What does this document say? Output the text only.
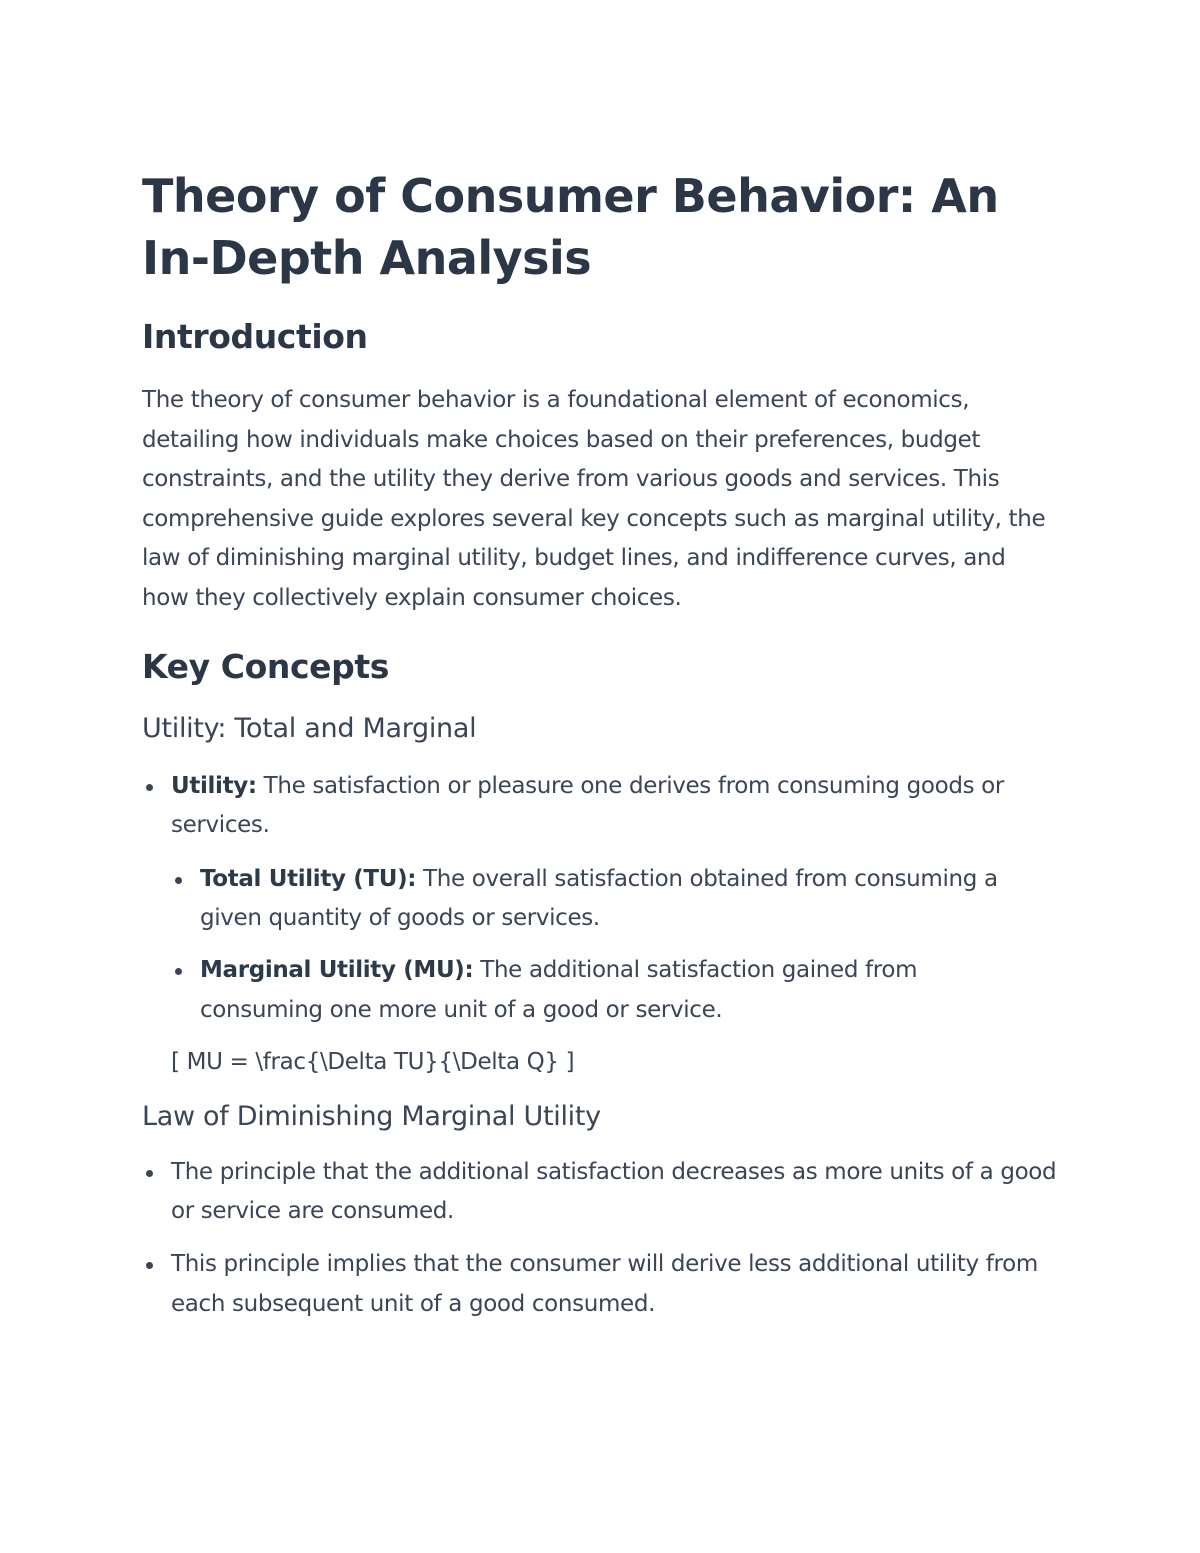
Theory of Consumer Behavior: An In-Depth Analysis
Introduction

The theory of consumer behavior is a foundational element of economics, detailing how individuals make choices based on their preferences, budget constraints, and the utility they derive from various goods and services. This comprehensive guide explores several key concepts such as marginal utility, the law of diminishing marginal utility, budget lines, and indifference curves, and how they collectively explain consumer choices.

Key Concepts
Utility: Total and Marginal
Utility: The satisfaction or pleasure one derives from consuming goods or services.
Total Utility (TU): The overall satisfaction obtained from consuming a given quantity of goods or services.
Marginal Utility (MU): The additional satisfaction gained from consuming one more unit of a good or service.
[ MU = \frac{\Delta TU}{\Delta Q} ]
Law of Diminishing Marginal Utility
The principle that the additional satisfaction decreases as more units of a good or service are consumed.
This principle implies that the consumer will derive less additional utility from each subsequent unit of a good consumed.
